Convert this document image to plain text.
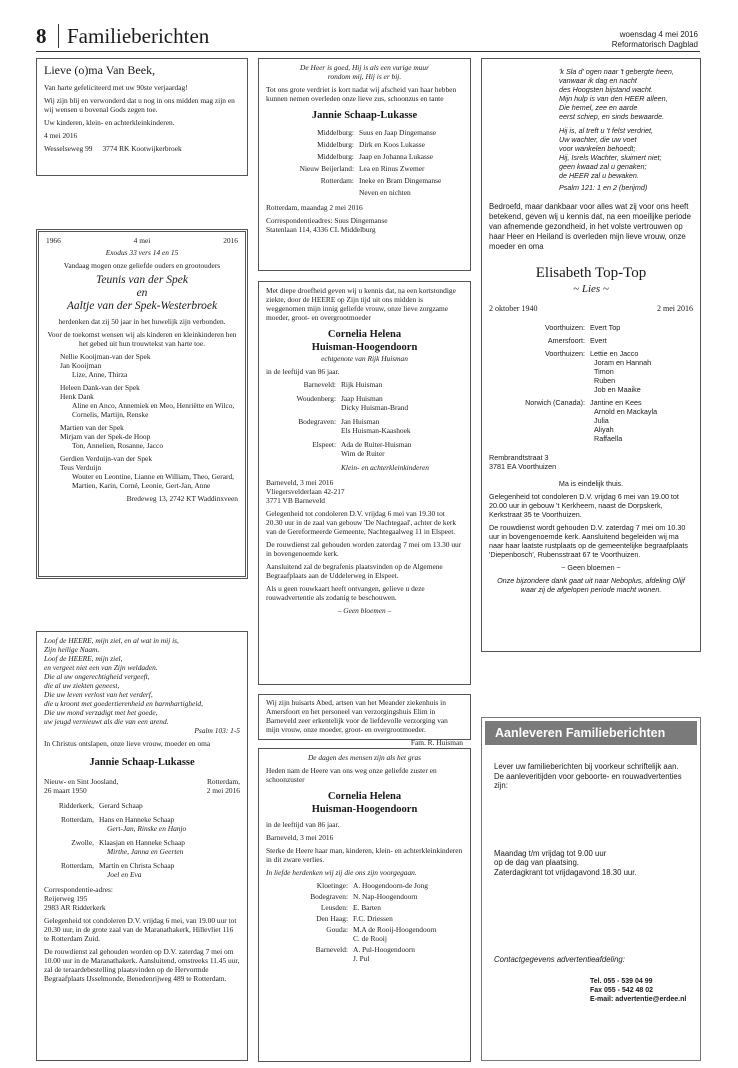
8 Familieberichten	woensdag 4 mei 2016
Reformatorisch Dagblad
Lieve (o)ma Van Beek,

Van harte gefeliciteerd met uw 90ste verjaardag!

Wij zijn blij en verwonderd dat u nog in ons midden mag zijn en wij wensen u bovenal Gods zegen toe.

Uw kinderen, klein- en achterkleinkinderen.

4 mei 2016

Wesselseweg 99 3774 RK Kootwijkerbroek
1966	4 mei	2016

Exodus 33 vers 14 en 15

Vandaag mogen onze geliefde ouders en grootouders

Teunis van der Spek
en
Aaltje van der Spek-Westerbroek

herdenken dat zij 50 jaar in het huwelijk zijn verbonden.

Voor de toekomst wensen wij als kinderen en kleinkinderen hen het gebed uit hun trouwtekst van harte toe.

Nellie Kooijman-van der Spek
Jan Kooijman

Lize, Anne, Thirza

Heleen Dank-van der Spek
Henk Dank

Aline en Anco, Annemiek en Meo, Henriëtte en Wilco, Cornelis, Martijn, Renske

Martien van der Spek
Mirjam van der Spek-de Hoop

Ton, Annelien, Rosanne, Jacco

Gerdien Verduijn-van der Spek
Teus Verduijn

Wouter en Leontine, Lianne en William, Theo, Gerard, Martien, Karin, Corné, Leonie, Gert-Jan, Anne

Bredeweg 13, 2742 KT Waddinxveen
Loof de HEERE, mijn ziel, en al wat in mij is,
Zijn heilige Naam.
Loof de HEERE, mijn ziel,
en vergeet niet een van Zijn weldaden.
Die al uw ongerechtigheid vergeeft,
die al uw ziekten geneest,
Die uw leven verlost van het verderf,
die u kroont met goedertierenheid en barmhartigheid,
Die uw mond verzadigt met het goede,
uw jeugd vernieuwt als die van een arend.
Psalm 103: 1-5

In Christus ontslapen, onze lieve vrouw, moeder en oma

Jannie Schaap-Lukasse
Nieuw- en Sint Joosland,	Rotterdam,
26 maart 1950	2 mei 2016
Ridderkerk, Gerard Schaap
Rotterdam, Hans en Hanneke Schaap
Gert-Jan, Rinske en Hanjo
Zwolle, Klaasjan en Hanneke Schaap
Mirthe, Janna en Geerten
Rotterdam, Martin en Christa Schaap
Joel en Eva
Correspondentie-adres:
Reijerweg 195

2983 AR Ridderkerk

Gelegenheid tot condoleren D.V. vrijdag 6 mei, van 19.00 uur tot 20.30 uur, in de grote zaal van de Maranathakerk, Hillevliet 116 te Rotterdam Zuid.

De rouwdienst zal gehouden worden op D.V. zaterdag 7 mei om 10.00 uur in de Maranathakerk. Aansluitend, omstreeks 11.45 uur, zal de teraardebestelling plaatsvinden op de Hervormde Begraafplaats IJsselmonde, Benedenrijweg 489 te Rotterdam.

De Heer is goed, Hij is als een vurige muur

rondom mij, Hij is er bij.

Tot ons grote verdriet is kort nadat wij afscheid van haar hebben kunnen nemen overleden onze lieve zus, schoonzus en tante

Jannie Schaap-Lukasse
Middelburg: Suus en Jaap Dingemanse
Middelburg: Dirk en Koos Lukasse
Middelburg: Jaap en Johanna Lukasse
Nieuw Beijerland: Lea en Rinus Zwemer
Rotterdam: Ineke en Bram Dingemanse
Neven en nichten

Rotterdam, maandag 2 mei 2016

Correspondentieadres: Suus Dingemanse
Statenlaan 114, 4336 CL Middelburg

Met diepe droefheid geven wij u kennis dat, na een kortstondige ziekte, door de HEERE op Zijn tijd uit ons midden is weggenomen mijn innig geliefde vrouw, onze lieve zorgzame moeder, groot- en overgrootmoeder

Cornelia Helena
Huisman-Hoogendoorn

echtgenote van Rijk Huisman

in de leeftijd van 86 jaar.

Barneveld: Rijk Huisman
Woudenberg: Jaap Huisman
Dicky Huisman-Brand
Bodegraven: Jan Huisman
Els Huisman-Kaashoek
Elspeet: Ada de Ruiter-Huisman
Wim de Ruiter
Klein- en achterkleinkinderen
Barneveld, 3 mei 2016
Vliegersvelderlaan 42-217

3771 VB Barneveld

Gelegenheid tot condoleren D.V. vrijdag 6 mei van 19.30 tot 20.30 uur in de zaal van gebouw 'De Nachtegaal', achter de kerk van de Gereformeerde Gemeente, Nachtegaalweg 11 in Elspeet.

De rouwdienst zal gehouden worden zaterdag 7 mei om 13.30 uur in bovengenoemde kerk.

Aansluitend zal de begrafenis plaatsvinden op de Algemene Begraafplaats aan de Uddelerweg in Elspeet.

Als u geen rouwkaart heeft ontvangen, gelieve u deze rouwadvertentie als zodanig te beschouwen.

– Geen bloemen –

Wij zijn huisarts Abed, artsen van het Meander ziekenhuis in Amersfoort en het personeel van verzorgingshuis Elim in Barneveld zeer erkentelijk voor de liefdevolle verzorging van mijn vrouw, onze moeder, groot- en overgrootmoeder.

Fam. R. Huisman

De dagen des mensen zijn als het gras

Heden nam de Heere van ons weg onze geliefde zuster en schoonzuster

Cornelia Helena
Huisman-Hoogendoorn

in de leeftijd van 86 jaar.

Barneveld, 3 mei 2016

Sterke de Heere haar man, kinderen, klein- en achterkleinkinderen in dit zware verlies.

In liefde herdenken wij zij die ons zijn voorgegaan.

Kloetinge: A. Hoogendoorn-de Jong
Bodegraven: N. Nap-Hoogendoorn
Leusden: E. Barten
Den Haag: F.C. Driessen
Gouda: M.A de Rooij-Hoogendoorn
C. de Rooij
Barneveld: A. Pul-Hoogendoorn
J. Pul
'k Sla d' ogen naar 't gebergte heen,
vanwaar ik dag en nacht
des Hoogsten bijstand wacht.
Mijn hulp is van den HEER alleen,
Die hemel, zee en aarde
eerst schiep, en sinds bewaarde.
Hij is, al treft u 't felst verdriet,
Uw wachter, die uw voet
voor wankelen behoedt;
Hij, Isrels Wachter, sluimert niet;
geen kwaad zal u genaken;
de HEER zal u bewaken.
Psalm 121: 1 en 2 (berijmd)

Bedroefd, maar dankbaar voor alles wat zij voor ons heeft betekend, geven wij u kennis dat, na een moeilijke periode van afnemende gezondheid, in het volste vertrouwen op haar Heer en Heiland is overleden mijn lieve vrouw, onze moeder en oma

Elisabeth Top-Top
~ Lies ~
2 oktober 1940	2 mei 2016
Voorthuizen: Evert Top
Amersfoort: Evert
Voorthuizen: Lettie en Jacco
Joram en Hannah
Timon
Ruben
Job en Maaike
Norwich (Canada): Jantine en Kees
Arnold en Mackayla
Julia
Aliyah
Raffaella
Rembrandtstraat 3

3781 EA Voorthuizen

Ma is eindelijk thuis.

Gelegenheid tot condoleren D.V. vrijdag 6 mei van 19.00 tot 20.00 uur in gebouw 't Kerkheem, naast de Dorpskerk, Kerkstraat 35 te Voorthuizen.

De rouwdienst wordt gehouden D.V. zaterdag 7 mei om 10.30 uur in bovengenoemde kerk. Aansluitend begeleiden wij ma naar haar laatste rustplaats op de gemeentelijke begraafplaats 'Diepenbosch', Rubensstraat 67 te Voorthuizen.

~ Geen bloemen ~

Onze bijzondere dank gaat uit naar Neboplus, afdeling Olijf waar zij de afgelopen periode macht wonen.

Aanleveren Familieberichten

Lever uw familieberichten bij voorkeur schriftelijk aan. De aanleveritijden voor geboorte- en rouwadvertenties zijn:

Maandag t/m vrijdag tot 9.00 uur
op de dag van plaatsing.

Zaterdagkrant tot vrijdagavond 18.30 uur.

Contactgegevens advertentieafdeling:

Tel. 055 - 539 04 99
Fax 055 - 542 48 02
E-mail: advertentie@erdee.nl
